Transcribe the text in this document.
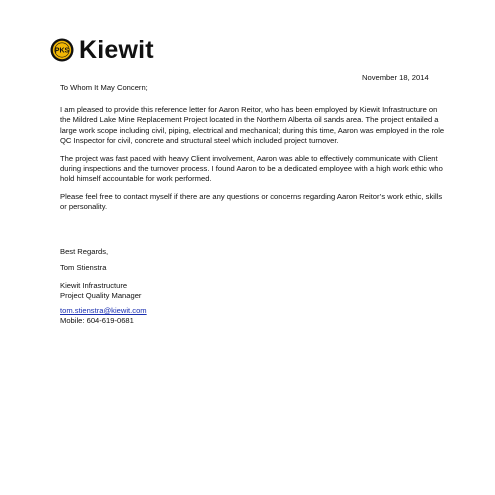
PKS Kiewit
November 18, 2014
To Whom It May Concern;

I am pleased to provide this reference letter for Aaron Reitor, who has been employed by Kiewit Infrastructure on the Mildred Lake Mine Replacement Project located in the Northern Alberta oil sands area. The project entailed a large work scope including civil, piping, electrical and mechanical; during this time, Aaron was employed in the role QC Inspector for civil, concrete and structural steel which included project turnover.

The project was fast paced with heavy Client involvement, Aaron was able to effectively communicate with Client during inspections and the turnover process. I found Aaron to be a dedicated employee with a high work ethic who hold himself accountable for work performed.

Please feel free to contact myself if there are any questions or concerns regarding Aaron Reitor’s work ethic, skills or personality.

Best Regards,
Tom Stienstra
Kiewit Infrastructure
Project Quality Manager
tom.stienstra@kiewit.com
Mobile: 604-619-0681
